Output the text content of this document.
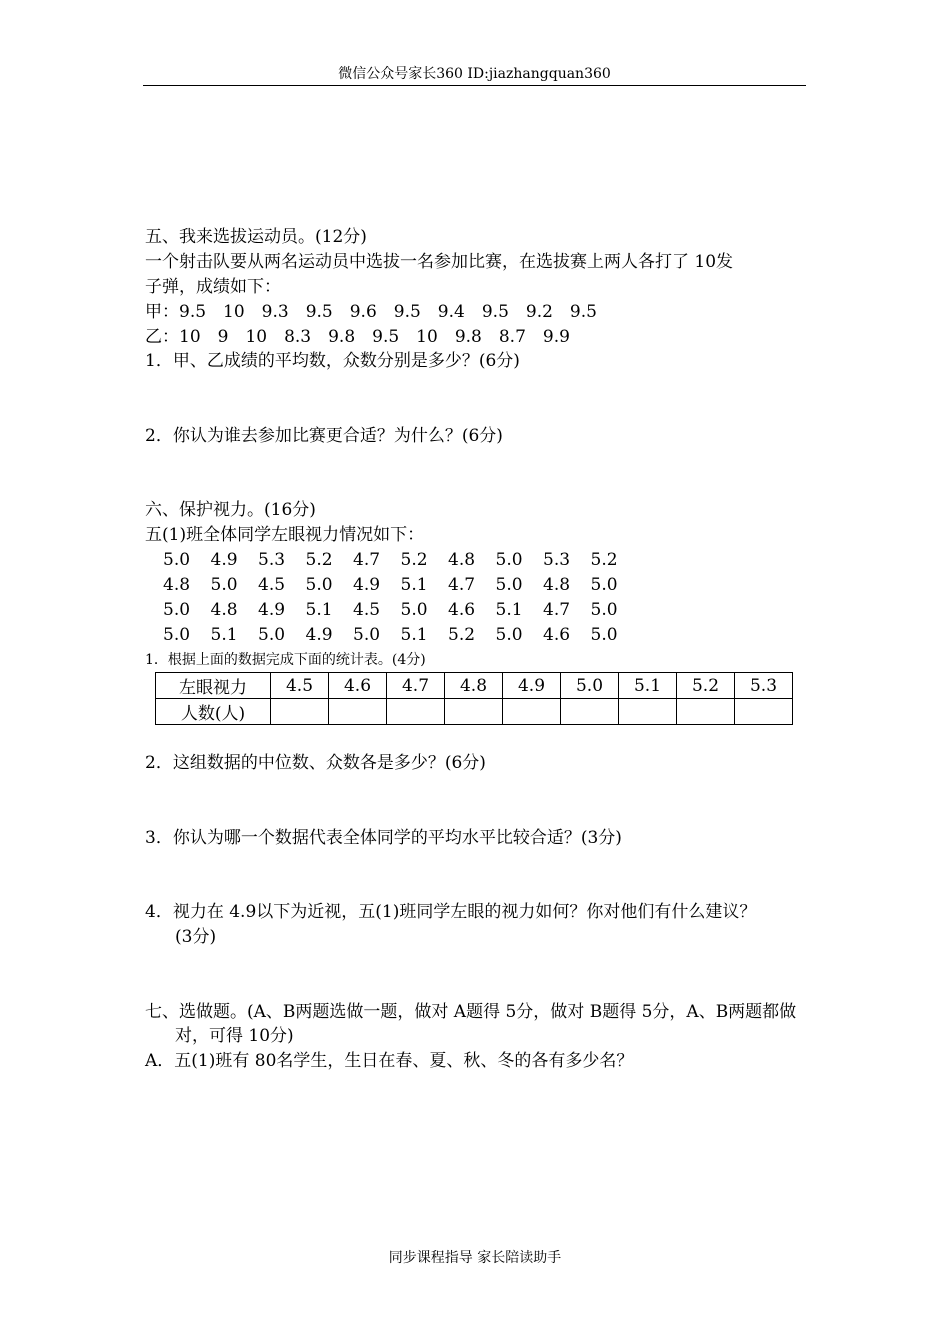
微信公众号家长360 ID:jiazhangquan360
五、我来选拔运动员。(12分)
一个射击队要从两名运动员中选拔一名参加比赛，在选拔赛上两人各打了 10发
子弹，成绩如下：
甲：9.5　10　9.3　9.5　9.6　9.5　9.4　9.5　9.2　9.5
乙：10　9　10　8.3　9.8　9.5　10　9.8　8.7　9.9
1．甲、乙成绩的平均数，众数分别是多少？(6分)
2．你认为谁去参加比赛更合适？为什么？(6分)
六、保护视力。(16分)
五(1)班全体同学左眼视力情况如下：
5.0 4.9 5.3 5.2 4.7 5.2 4.8 5.0 5.3 5.2
4.8 5.0 4.5 5.0 4.9 5.1 4.7 5.0 4.8 5.0
5.0 4.8 4.9 5.1 4.5 5.0 4.6 5.1 4.7 5.0
5.0 5.1 5.0 4.9 5.0 5.1 5.2 5.0 4.6 5.0
1．根据上面的数据完成下面的统计表。(4分)
左眼视力	4.5	4.6	4.7	4.8	4.9	5.0	5.1	5.2	5.3
人数(人)									
2．这组数据的中位数、众数各是多少？(6分)
3．你认为哪一个数据代表全体同学的平均水平比较合适？(3分)
4．视力在 4.9以下为近视，五(1)班同学左眼的视力如何？你对他们有什么建议？
(3分)
七、选做题。(A、B两题选做一题，做对 A题得 5分，做对 B题得 5分，A、B两题都做
对，可得 10分)
A．五(1)班有 80名学生，生日在春、夏、秋、冬的各有多少名？
同步课程指导 家长陪读助手
